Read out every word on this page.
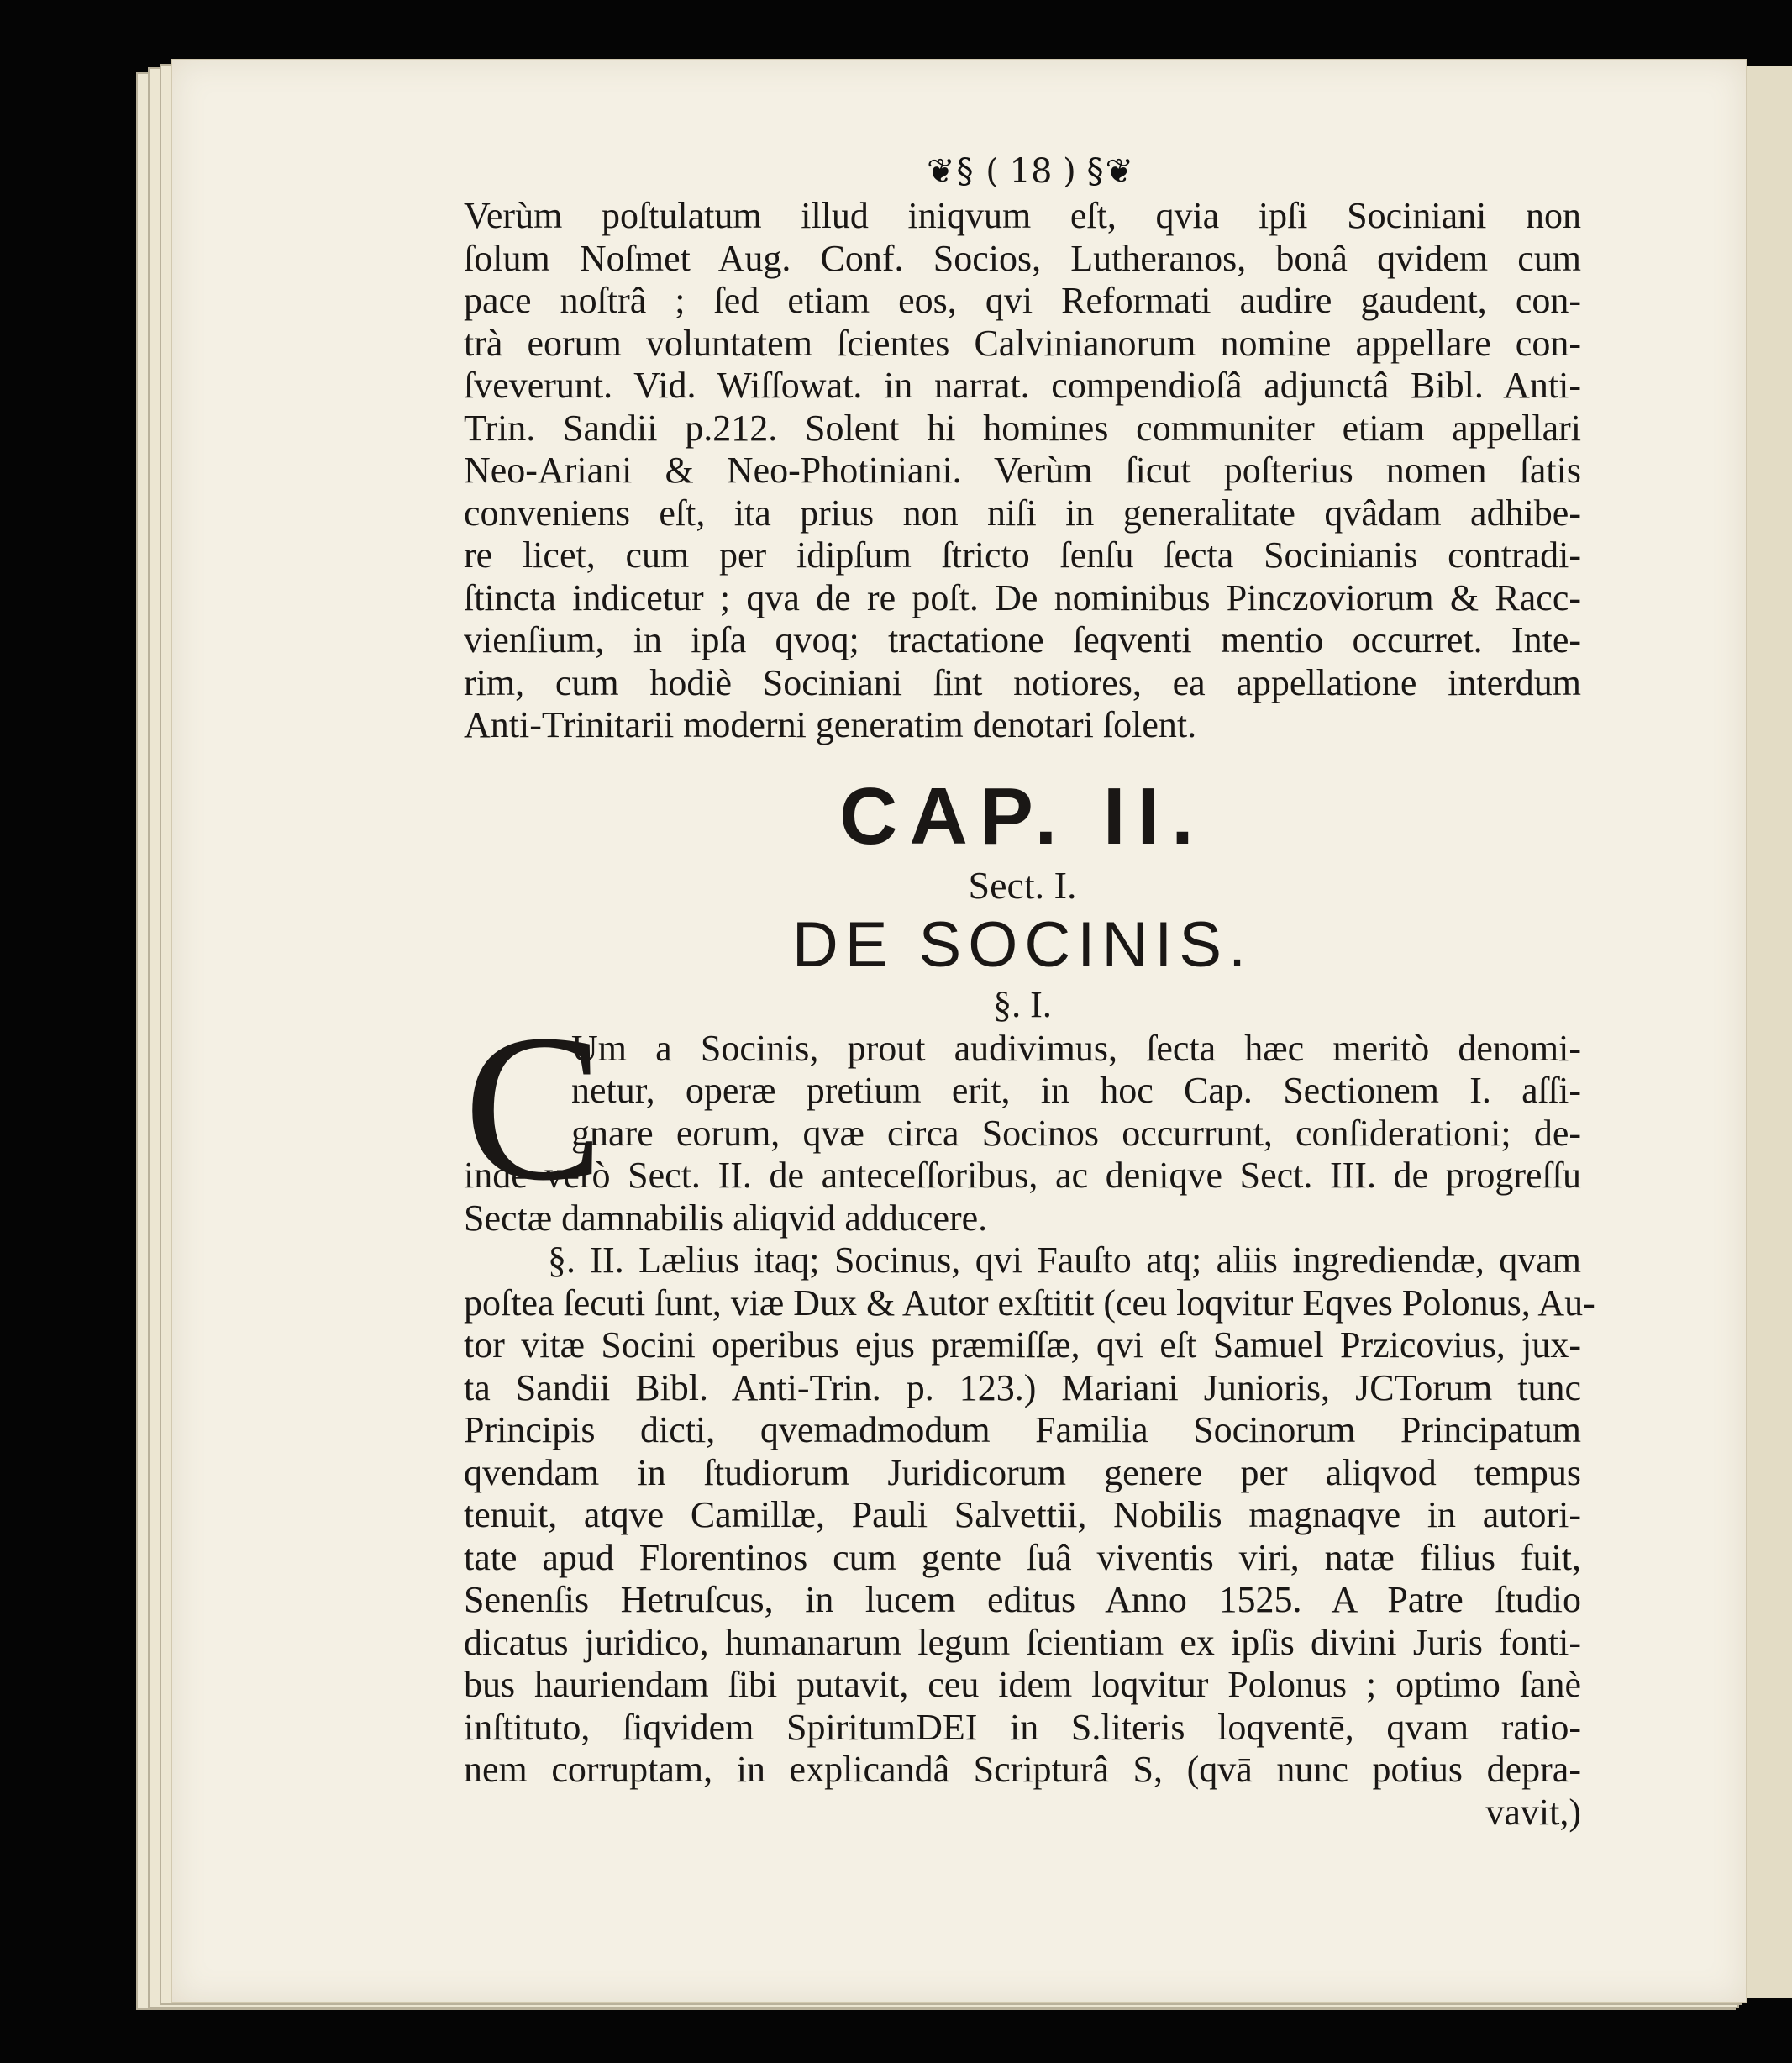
❦§ ( 18 ) §❦
Verùm poſtulatum illud iniqvum eſt, qvia ipſi Sociniani non
ſolum Noſmet Aug. Conf. Socios, Lutheranos, bonâ qvidem cum
pace noſtrâ ; ſed etiam eos, qvi Reformati audire gaudent, con-
trà eorum voluntatem ſcientes Calvinianorum nomine appellare con-
ſveverunt. Vid. Wiſſowat. in narrat. compendioſâ adjunctâ Bibl. Anti-
Trin. Sandii p.212. Solent hi homines communiter etiam appellari
Neo-Ariani & Neo-Photiniani. Verùm ſicut poſterius nomen ſatis
conveniens eſt, ita prius non niſi in generalitate qvâdam adhibe-
re licet, cum per idipſum ſtricto ſenſu ſecta Socinianis contradi-
ſtincta indicetur ; qva de re poſt. De nominibus Pinczoviorum & Racc-
vienſium, in ipſa qvoq; tractatione ſeqventi mentio occurret. Inte-
rim, cum hodiè Sociniani ſint notiores, ea appellatione interdum
Anti-Trinitarii moderni generatim denotari ſolent.
CAP. II.
Sect. I.
DE SOCINIS.
§. I.
C
Um a Socinis, prout audivimus, ſecta hæc meritò denomi-
netur, operæ pretium erit, in hoc Cap. Sectionem I. aſſi-
gnare eorum, qvæ circa Socinos occurrunt, conſiderationi; de-
inde verò Sect. II. de anteceſſoribus, ac deniqve Sect. III. de progreſſu
Sectæ damnabilis aliqvid adducere.
§. II. Lælius itaq; Socinus, qvi Fauſto atq; aliis ingrediendæ, qvam
poſtea ſecuti ſunt, viæ Dux & Autor exſtitit (ceu loqvitur Eqves Polonus, Au-
tor vitæ Socini operibus ejus præmiſſæ, qvi eſt Samuel Przicovius, jux-
ta Sandii Bibl. Anti-Trin. p. 123.) Mariani Junioris, JCTorum tunc
Principis dicti, qvemadmodum Familia Socinorum Principatum
qvendam in ſtudiorum Juridicorum genere per aliqvod tempus
tenuit, atqve Camillæ, Pauli Salvettii, Nobilis magnaqve in autori-
tate apud Florentinos cum gente ſuâ viventis viri, natæ filius fuit,
Senenſis Hetruſcus, in lucem editus Anno 1525. A Patre ſtudio
dicatus juridico, humanarum legum ſcientiam ex ipſis divini Juris fonti-
bus hauriendam ſibi putavit, ceu idem loqvitur Polonus ; optimo ſanè
inſtituto, ſiqvidem SpiritumDEI in S.literis loqventē, qvam ratio-
nem corruptam, in explicandâ Scripturâ S, (qvā nunc potius depra-
vavit,)
